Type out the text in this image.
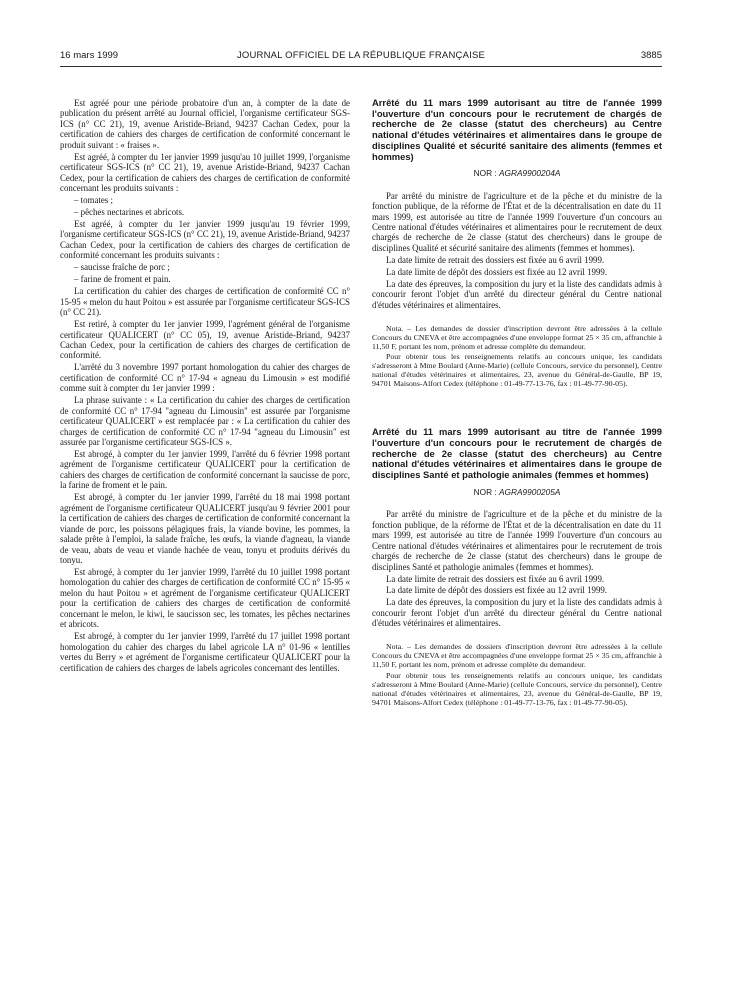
16 mars 1999	JOURNAL OFFICIEL DE LA RÉPUBLIQUE FRANÇAISE	3885

Est agréé pour une période probatoire d'un an, à compter de la date de publication du présent arrêté au Journal officiel, l'organisme certificateur SGS-ICS (n° CC 21), 19, avenue Aristide-Briand, 94237 Cachan Cedex, pour la certification de cahiers des charges de certification de conformité concernant le produit suivant : « fraises ».

Est agréé, à compter du 1er janvier 1999 jusqu'au 10 juillet 1999, l'organisme certificateur SGS-ICS (n° CC 21), 19, avenue Aristide-Briand, 94237 Cachan Cedex, pour la certification de cahiers des charges de certification de conformité concernant les produits suivants :

– tomates ;

– pêches nectarines et abricots.

Est agréé, à compter du 1er janvier 1999 jusqu'au 19 février 1999, l'organisme certificateur SGS-ICS (n° CC 21), 19, avenue Aristide-Briand, 94237 Cachan Cedex, pour la certification de cahiers des charges de certification de conformité concernant les produits suivants :

– saucisse fraîche de porc ;

– farine de froment et pain.

La certification du cahier des charges de certification de conformité CC n° 15-95 « melon du haut Poitou » est assurée par l'organisme certificateur SGS-ICS (n° CC 21).

Est retiré, à compter du 1er janvier 1999, l'agrément général de l'organisme certificateur QUALICERT (n° CC 05), 19, avenue Aristide-Briand, 94237 Cachan Cedex, pour la certification de cahiers des charges de certification de conformité.

L'arrêté du 3 novembre 1997 portant homologation du cahier des charges de certification de conformité CC n° 17-94 « agneau du Limousin » est modifié comme suit à compter du 1er janvier 1999 :

La phrase suivante : « La certification du cahier des charges de certification de conformité CC n° 17-94 "agneau du Limousin" est assurée par l'organisme certificateur QUALICERT » est remplacée par : « La certification du cahier des charges de certification de conformité CC n° 17-94 "agneau du Limousin" est assurée par l'organisme certificateur SGS-ICS ».

Est abrogé, à compter du 1er janvier 1999, l'arrêté du 6 février 1998 portant agrément de l'organisme certificateur QUALICERT pour la certification de cahiers des charges de certification de conformité concernant la saucisse de porc, la farine de froment et le pain.

Est abrogé, à compter du 1er janvier 1999, l'arrêté du 18 mai 1998 portant agrément de l'organisme certificateur QUALICERT jusqu'au 9 février 2001 pour la certification de cahiers des charges de certification de conformité concernant la viande de porc, les poissons pélagiques frais, la viande bovine, les pommes, la salade prête à l'emploi, la salade fraîche, les œufs, la viande d'agneau, la viande de veau, abats de veau et viande hachée de veau, tonyu et produits dérivés du tonyu.

Est abrogé, à compter du 1er janvier 1999, l'arrêté du 10 juillet 1998 portant homologation du cahier des charges de certification de conformité CC n° 15-95 « melon du haut Poitou » et agrément de l'organisme certificateur QUALICERT pour la certification de cahiers des charges de certification de conformité concernant le melon, le kiwi, le saucisson sec, les tomates, les pêches nectarines et abricots.

Est abrogé, à compter du 1er janvier 1999, l'arrêté du 17 juillet 1998 portant homologation du cahier des charges du label agricole LA n° 01-96 « lentilles vertes du Berry » et agrément de l'organisme certificateur QUALICERT pour la certification de cahiers des charges de labels agricoles concernant des lentilles.

Arrêté du 11 mars 1999 autorisant au titre de l'année 1999 l'ouverture d'un concours pour le recrutement de chargés de recherche de 2e classe (statut des chercheurs) au Centre national d'études vétérinaires et alimentaires dans le groupe de disciplines Qualité et sécurité sanitaire des aliments (femmes et hommes)

NOR : AGRA9900204A

Par arrêté du ministre de l'agriculture et de la pêche et du ministre de la fonction publique, de la réforme de l'État et de la décentralisation en date du 11 mars 1999, est autorisée au titre de l'année 1999 l'ouverture d'un concours au Centre national d'études vétérinaires et alimentaires pour le recrutement de deux chargés de recherche de 2e classe (statut des chercheurs) dans le groupe de disciplines Qualité et sécurité sanitaire des aliments (femmes et hommes).

La date limite de retrait des dossiers est fixée au 6 avril 1999.

La date limite de dépôt des dossiers est fixée au 12 avril 1999.

La date des épreuves, la composition du jury et la liste des candidats admis à concourir feront l'objet d'un arrêté du directeur général du Centre national d'études vétérinaires et alimentaires.

Nota. – Les demandes de dossier d'inscription devront être adressées à la cellule Concours du CNEVA et être accompagnées d'une enveloppe format 25 × 35 cm, affranchie à 11,50 F, portant les nom, prénom et adresse complète du demandeur.

Pour obtenir tous les renseignements relatifs au concours unique, les candidats s'adresseront à Mme Boulard (Anne-Marie) (cellule Concours, service du personnel), Centre national d'études vétérinaires et alimentaires, 23, avenue du Général-de-Gaulle, BP 19, 94701 Maisons-Alfort Cedex (téléphone : 01-49-77-13-76, fax : 01-49-77-90-05).

Arrêté du 11 mars 1999 autorisant au titre de l'année 1999 l'ouverture d'un concours pour le recrutement de chargés de recherche de 2e classe (statut des chercheurs) au Centre national d'études vétérinaires et alimentaires dans le groupe de disciplines Santé et pathologie animales (femmes et hommes)

NOR : AGRA9900205A

Par arrêté du ministre de l'agriculture et de la pêche et du ministre de la fonction publique, de la réforme de l'État et de la décentralisation en date du 11 mars 1999, est autorisée au titre de l'année 1999 l'ouverture d'un concours au Centre national d'études vétérinaires et alimentaires pour le recrutement de trois chargés de recherche de 2e classe (statut des chercheurs) dans le groupe de disciplines Santé et pathologie animales (femmes et hommes).

La date limite de retrait des dossiers est fixée au 6 avril 1999.

La date limite de dépôt des dossiers est fixée au 12 avril 1999.

La date des épreuves, la composition du jury et la liste des candidats admis à concourir feront l'objet d'un arrêté du directeur général du Centre national d'études vétérinaires et alimentaires.

Nota. – Les demandes de dossiers d'inscription devront être adressées à la cellule Concours du CNEVA et être accompagnées d'une enveloppe format 25 × 35 cm, affranchie à 11,50 F, portant les nom, prénom et adresse complète du demandeur.

Pour obtenir tous les renseignements relatifs au concours unique, les candidats s'adresseront à Mme Boulard (Anne-Marie) (cellule Concours, service du personnel), Centre national d'études vétérinaires et alimentaires, 23, avenue du Général-de-Gaulle, BP 19, 94701 Maisons-Alfort Cedex (téléphone : 01-49-77-13-76, fax : 01-49-77-90-05).
